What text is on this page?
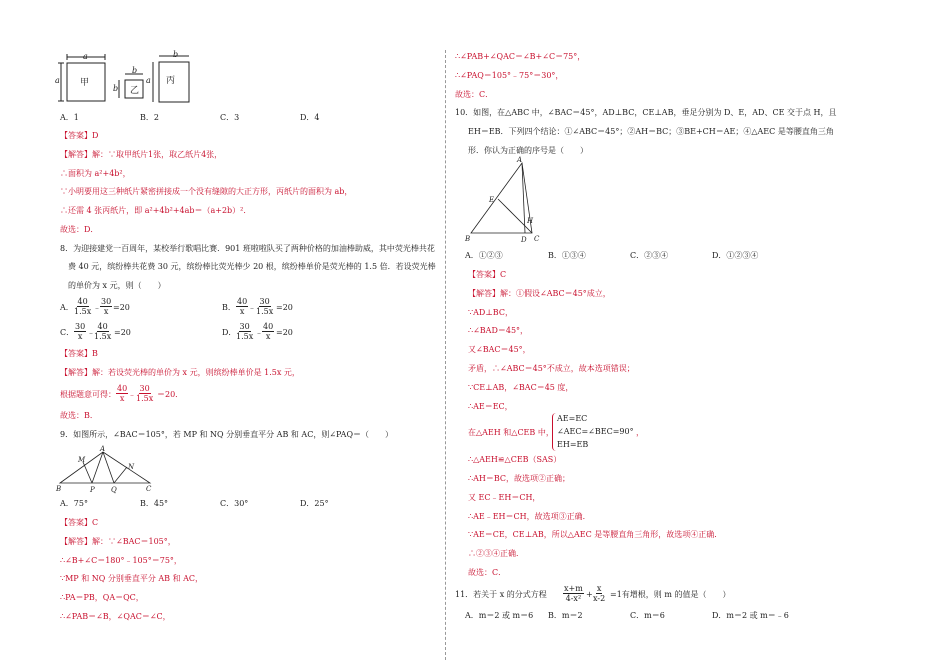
a
a 甲
b
b 乙
b
a 丙
A．1	B．2	C．3	D．4
【答案】D
【解答】解：∵取甲纸片1张，取乙纸片4张，
∴面积为 a²+4b²，
∵小明要用这三种纸片紧密拼接成一个没有缝隙的大正方形，丙纸片的面积为 ab，
∴还需 4 张丙纸片，即 a²+4b²+4ab＝（a+2b）²．
故选：D．
8．为迎接建党一百周年，某校举行歌唱比赛．901 班啦啦队买了两种价格的加油棒助威，其中荧光棒共花
费 40 元，缤纷棒共花费 30 元，缤纷棒比荧光棒少 20 根，缤纷棒单价是荧光棒的 1.5 倍．若设荧光棒
的单价为 x 元，则（　　）
A． $\frac{40}{1.5x}$ ﹣ $\frac{30}{x} =20$	B． $\frac{40}{x}$ ﹣ $\frac{30}{1.5x} =20$
C． $\frac{30}{x}$ ﹣ $\frac{40}{1.5x} =20$	D． $\frac{30}{1.5x}$ ﹣ $\frac{40}{x} =20$
【答案】B
【解答】解：若设荧光棒的单价为 x 元，则缤纷棒单价是 1.5x 元，
根据题意可得： $\frac{40}{x}$ ﹣ $\frac{30}{1.5x} =20$．
故选：B．
9．如图所示，∠BAC＝105°，若 MP 和 NQ 分别垂直平分 AB 和 AC，则∠PAQ＝（　　）
A
M
N
B	P Q	C
A．75°	B．45°	C．30°	D．25°
【答案】C
【解答】解：∵∠BAC＝105°，
∴∠B+∠C＝180°﹣105°＝75°，
∵MP 和 NQ 分别垂直平分 AB 和 AC，
∴PA＝PB，QA＝QC，
∴∠PAB＝∠B，∠QAC＝∠C，
∴∠PAB+∠QAC＝∠B+∠C＝75°，
∴∠PAQ＝105°﹣75°＝30°，
故选：C．
10．如图，在△ABC 中，∠BAC＝45°，AD⊥BC，CE⊥AB，垂足分别为 D、E，AD、CE 交于点 H，且
EH＝EB．下列四个结论：①∠ABC＝45°；②AH＝BC；③BE+CH＝AE；④△AEC 是等腰直角三角
形．你认为正确的序号是（　　）
A
E
H
B	D C
A．①②③	B．①③④	C．②③④	D．①②③④
【答案】C
【解答】解：①假设∠ABC＝45°成立，
∵AD⊥BC，
∴∠BAD＝45°，
又∠BAC＝45°，
矛盾，∴∠ABC＝45°不成立，故本选项错误；
∵CE⊥AB，∠BAC＝45 度，
∴AE＝EC，
在△AEH 和△CEB 中，
AE=EC
∠AEC=∠BEC=90°
EH=EB
，
∴△AEH≌△CEB（SAS）
∴AH＝BC，故选项②正确；
又 EC﹣EH＝CH，
∴AE﹣EH＝CH，故选项③正确．
∵AE＝CE，CE⊥AB，所以△AEC 是等腰直角三角形，故选项④正确．
∴②③④正确．
故选：C．
11．若关于 x 的分式方程 $\frac{x+m}{\text{4-x²}} + \frac{x}{x-2} =1$有增根，则 m 的值是（　　）
A．m＝2 或 m＝6 B．m＝2	C．m＝6	D．m＝2 或 m＝﹣6
